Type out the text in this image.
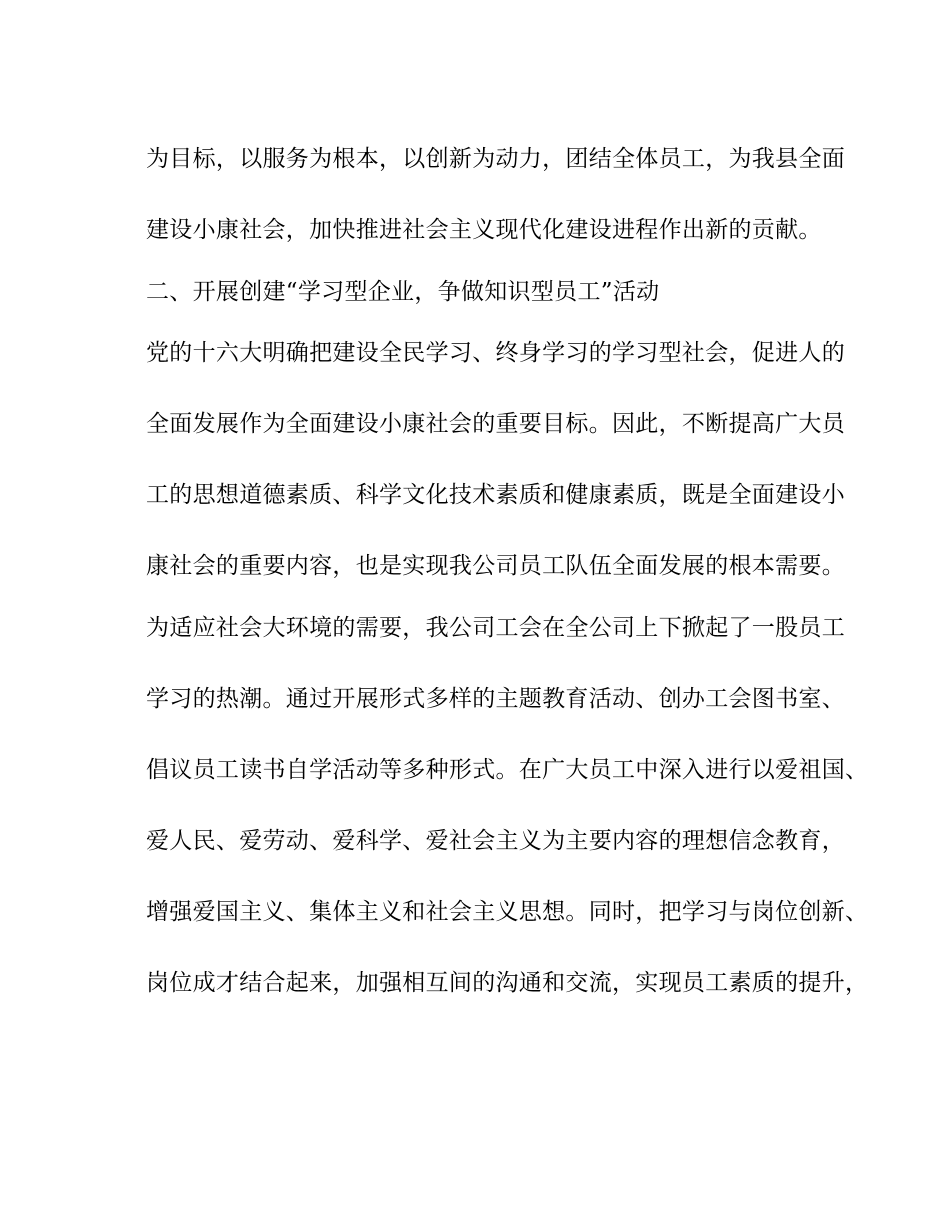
为目标，以服务为根本，以创新为动力，团结全体员工，为我县全面

建设小康社会，加快推进社会主义现代化建设进程作出新的贡献。

二、开展创建“学习型企业，争做知识型员工”活动

党的十六大明确把建设全民学习、终身学习的学习型社会，促进人的

全面发展作为全面建设小康社会的重要目标。因此，不断提高广大员

工的思想道德素质、科学文化技术素质和健康素质，既是全面建设小

康社会的重要内容，也是实现我公司员工队伍全面发展的根本需要。

为适应社会大环境的需要，我公司工会在全公司上下掀起了一股员工

学习的热潮。通过开展形式多样的主题教育活动、创办工会图书室、

倡议员工读书自学活动等多种形式。在广大员工中深入进行以爱祖国、

爱人民、爱劳动、爱科学、爱社会主义为主要内容的理想信念教育，

增强爱国主义、集体主义和社会主义思想。同时，把学习与岗位创新、

岗位成才结合起来，加强相互间的沟通和交流，实现员工素质的提升，
